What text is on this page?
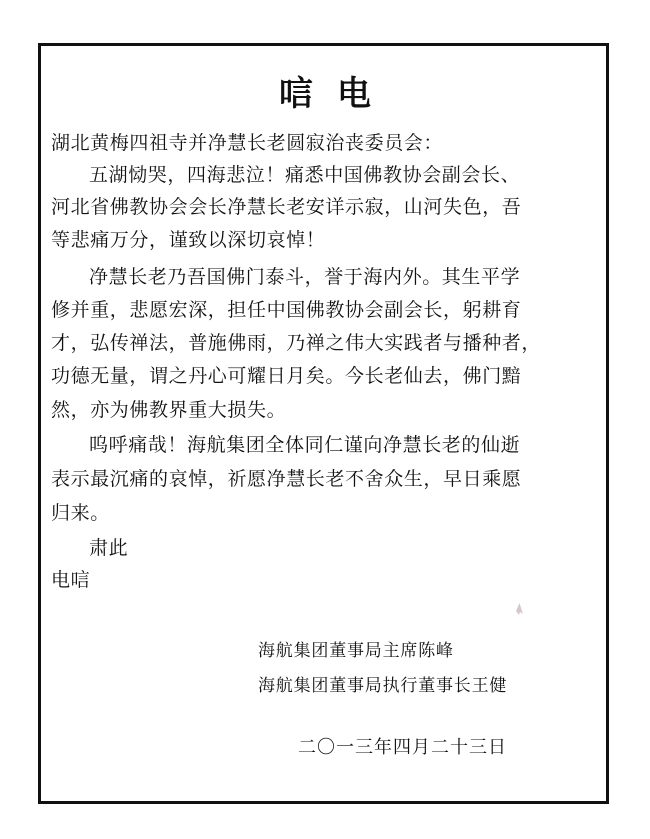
唁电
湖北黄梅四祖寺并净慧长老圆寂治丧委员会：
五湖恸哭，四海悲泣！痛悉中国佛教协会副会长、
河北省佛教协会会长净慧长老安详示寂，山河失色，吾
等悲痛万分，谨致以深切哀悼！
净慧长老乃吾国佛门泰斗，誉于海内外。其生平学
修并重，悲愿宏深，担任中国佛教协会副会长，躬耕育
才，弘传禅法，普施佛雨，乃禅之伟大实践者与播种者，
功德无量，谓之丹心可耀日月矣。今长老仙去，佛门黯
然，亦为佛教界重大损失。
呜呼痛哉！海航集团全体同仁谨向净慧长老的仙逝
表示最沉痛的哀悼，祈愿净慧长老不舍众生，早日乘愿
归来。
肃此
电唁
海航集团董事局主席陈峰
海航集团董事局执行董事长王健
二〇一三年四月二十三日
